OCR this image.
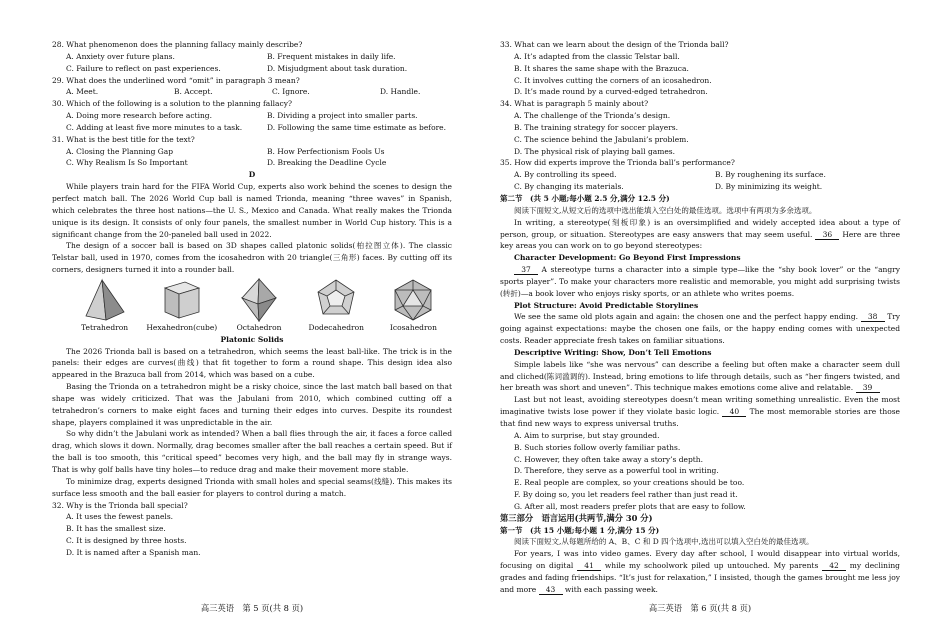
28. What phenomenon does the planning fallacy mainly describe?
A. Anxiety over future plans.	B. Frequent mistakes in daily life.
C. Failure to reflect on past experiences.	D. Misjudgment about task duration.
29. What does the underlined word “omit” in paragraph 3 mean?
A. Meet.	B. Accept.	C. Ignore.	D. Handle.
30. Which of the following is a solution to the planning fallacy?
A. Doing more research before acting.	B. Dividing a project into smaller parts.
C. Adding at least five more minutes to a task.	D. Following the same time estimate as before.
31. What is the best title for the text?
A. Closing the Planning Gap	B. How Perfectionism Fools Us
C. Why Realism Is So Important	D. Breaking the Deadline Cycle
D

While players train hard for the FIFA World Cup, experts also work behind the scenes to design the perfect match ball. The 2026 World Cup ball is named Trionda, meaning “three waves” in Spanish, which celebrates the three host nations—the U. S., Mexico and Canada. What really makes the Trionda unique is its design. It consists of only four panels, the smallest number in World Cup history. This is a significant change from the 20-paneled ball used in 2022.

The design of a soccer ball is based on 3D shapes called platonic solids(柏拉图立体). The classic Telstar ball, used in 1970, comes from the icosahedron with 20 triangle(三角形) faces. By cutting off its corners, designers turned it into a rounder ball.

Tetrahedron	Hexahedron(cube)	Octahedron	Dodecahedron	Icosahedron
Platonic Solids

The 2026 Trionda ball is based on a tetrahedron, which seems the least ball-like. The trick is in the panels: their edges are curves(曲线) that fit together to form a round shape. This design idea also appeared in the Brazuca ball from 2014, which was based on a cube.

Basing the Trionda on a tetrahedron might be a risky choice, since the last match ball based on that shape was widely criticized. That was the Jabulani from 2010, which combined cutting off a tetrahedron’s corners to make eight faces and turning their edges into curves. Despite its roundest shape, players complained it was unpredictable in the air.

So why didn’t the Jabulani work as intended? When a ball flies through the air, it faces a force called drag, which slows it down. Normally, drag becomes smaller after the ball reaches a certain speed. But if the ball is too smooth, this “critical speed” becomes very high, and the ball may fly in strange ways. That is why golf balls have tiny holes—to reduce drag and make their movement more stable.

To minimize drag, experts designed Trionda with small holes and special seams(线缝). This makes its surface less smooth and the ball easier for players to control during a match.

32. Why is the Trionda ball special?
A. It uses the fewest panels.
B. It has the smallest size.
C. It is designed by three hosts.
D. It is named after a Spanish man.
33. What can we learn about the design of the Trionda ball?
A. It’s adapted from the classic Telstar ball.
B. It shares the same shape with the Brazuca.
C. It involves cutting the corners of an icosahedron.
D. It’s made round by a curved-edged tetrahedron.
34. What is paragraph 5 mainly about?
A. The challenge of the Trionda’s design.
B. The training strategy for soccer players.
C. The science behind the Jabulani’s problem.
D. The physical risk of playing ball games.
35. How did experts improve the Trionda ball’s performance?
A. By controlling its speed.	B. By roughening its surface.
C. By changing its materials.	D. By minimizing its weight.
第二节　(共 5 小题;每小题 2.5 分,满分 12.5 分)

阅读下面短文,从短文后的选项中选出能填入空白处的最佳选项。选项中有两项为多余选项。

In writing, a stereotype(刻板印象) is an oversimplified and widely accepted idea about a type of person, group, or situation. Stereotypes are easy answers that may seem useful. 36 Here are three key areas you can work on to go beyond stereotypes:

Character Development: Go Beyond First Impressions

37 A stereotype turns a character into a simple type—like the “shy book lover” or the “angry sports player”. To make your characters more realistic and memorable, you might add surprising twists (转折)—a book lover who enjoys risky sports, or an athlete who writes poems.

Plot Structure: Avoid Predictable Storylines

We see the same old plots again and again: the chosen one and the perfect happy ending. 38 Try going against expectations: maybe the chosen one fails, or the happy ending comes with unexpected costs. Reader appreciate fresh takes on familiar situations.

Descriptive Writing: Show, Don’t Tell Emotions

Simple labels like “she was nervous” can describe a feeling but often make a character seem dull and cliched(陈词滥调的). Instead, bring emotions to life through details, such as “her fingers twisted, and her breath was short and uneven”. This technique makes emotions come alive and relatable. 39

Last but not least, avoiding stereotypes doesn’t mean writing something unrealistic. Even the most imaginative twists lose power if they violate basic logic. 40 The most memorable stories are those that find new ways to express universal truths.

A. Aim to surprise, but stay grounded.
B. Such stories follow overly familiar paths.
C. However, they often take away a story’s depth.
D. Therefore, they serve as a powerful tool in writing.
E. Real people are complex, so your creations should be too.
F. By doing so, you let readers feel rather than just read it.
G. After all, most readers prefer plots that are easy to follow.
第三部分　语言运用(共两节,满分 30 分)
第一节　(共 15 小题;每小题 1 分,满分 15 分)

阅读下面短文,从每题所给的 A、B、C 和 D 四个选项中,选出可以填入空白处的最佳选项。

For years, I was into video games. Every day after school, I would disappear into virtual worlds, focusing on digital 41 while my schoolwork piled up untouched. My parents 42 my declining grades and fading friendships. “It’s just for relaxation,” I insisted, though the games brought me less joy and more 43 with each passing week.

高三英语　第 5 页(共 8 页)	高三英语　第 6 页(共 8 页)
